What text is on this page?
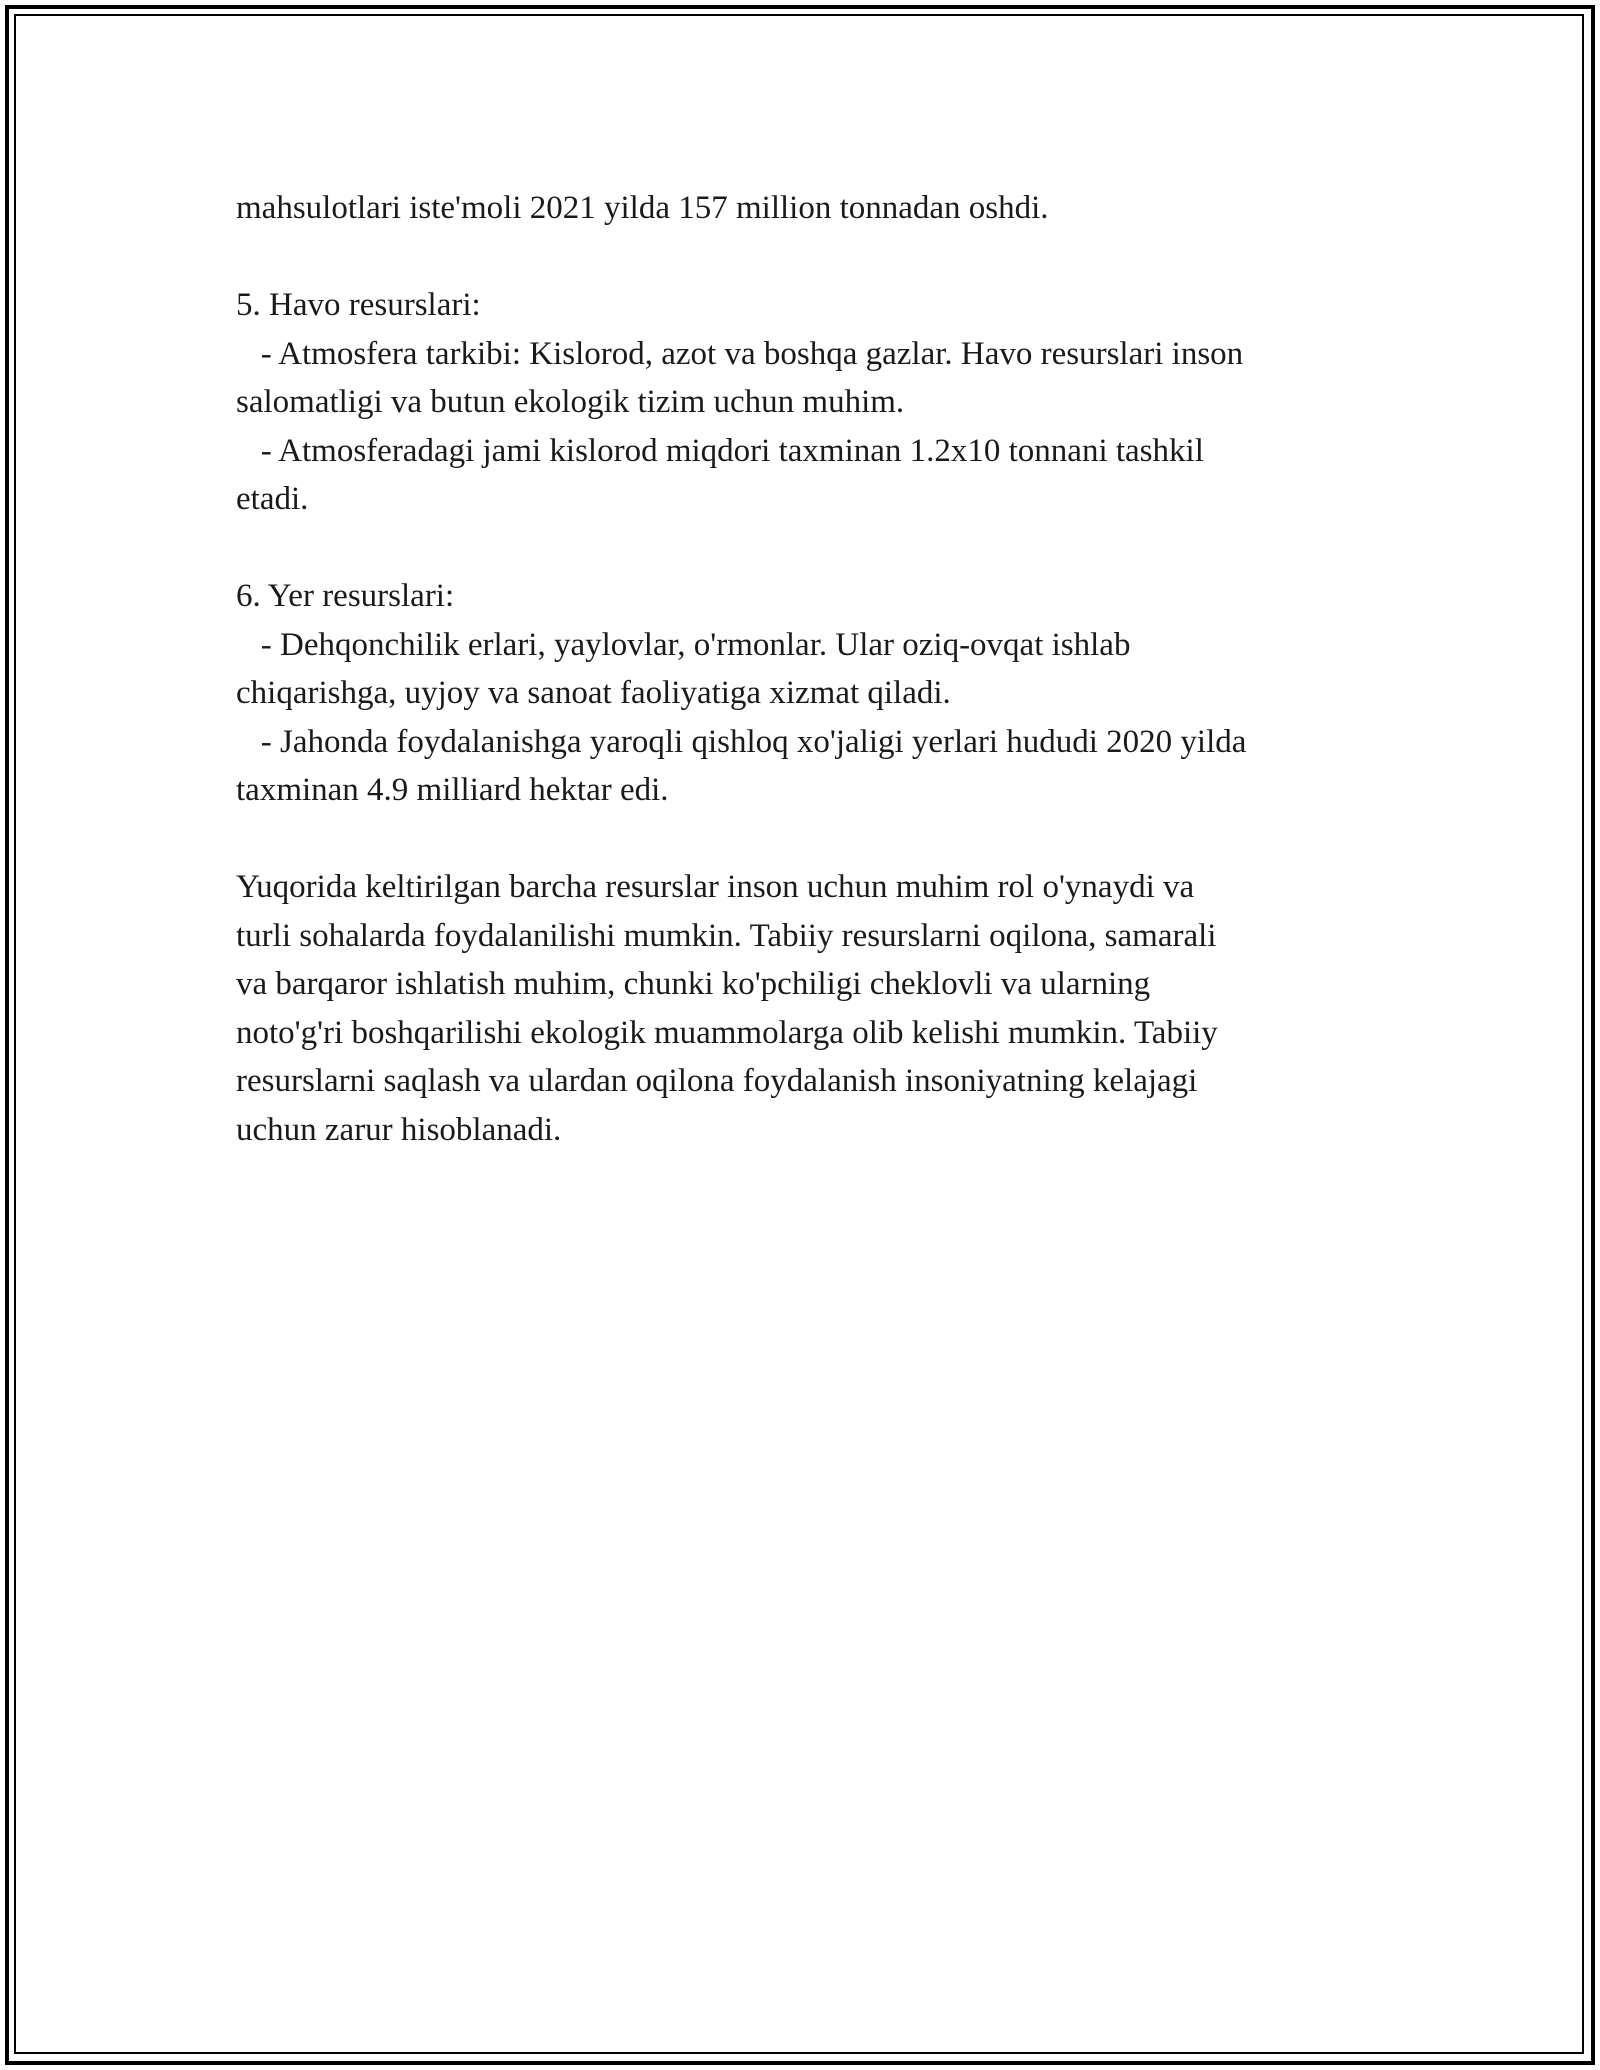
mahsulotlari iste'moli 2021 yilda 157 million tonnadan oshdi.
5. Havo resurslari:
- Atmosfera tarkibi: Kislorod, azot va boshqa gazlar. Havo resurslari inson
salomatligi va butun ekologik tizim uchun muhim.
- Atmosferadagi jami kislorod miqdori taxminan 1.2x10 tonnani tashkil
etadi.
6. Yer resurslari:
- Dehqonchilik erlari, yaylovlar, o'rmonlar. Ular oziq-ovqat ishlab
chiqarishga, uyjoy va sanoat faoliyatiga xizmat qiladi.
- Jahonda foydalanishga yaroqli qishloq xo'jaligi yerlari hududi 2020 yilda
taxminan 4.9 milliard hektar edi.
Yuqorida keltirilgan barcha resurslar inson uchun muhim rol o'ynaydi va
turli sohalarda foydalanilishi mumkin. Tabiiy resurslarni oqilona, samarali
va barqaror ishlatish muhim, chunki ko'pchiligi cheklovli va ularning
noto'g'ri boshqarilishi ekologik muammolarga olib kelishi mumkin. Tabiiy
resurslarni saqlash va ulardan oqilona foydalanish insoniyatning kelajagi
uchun zarur hisoblanadi.
